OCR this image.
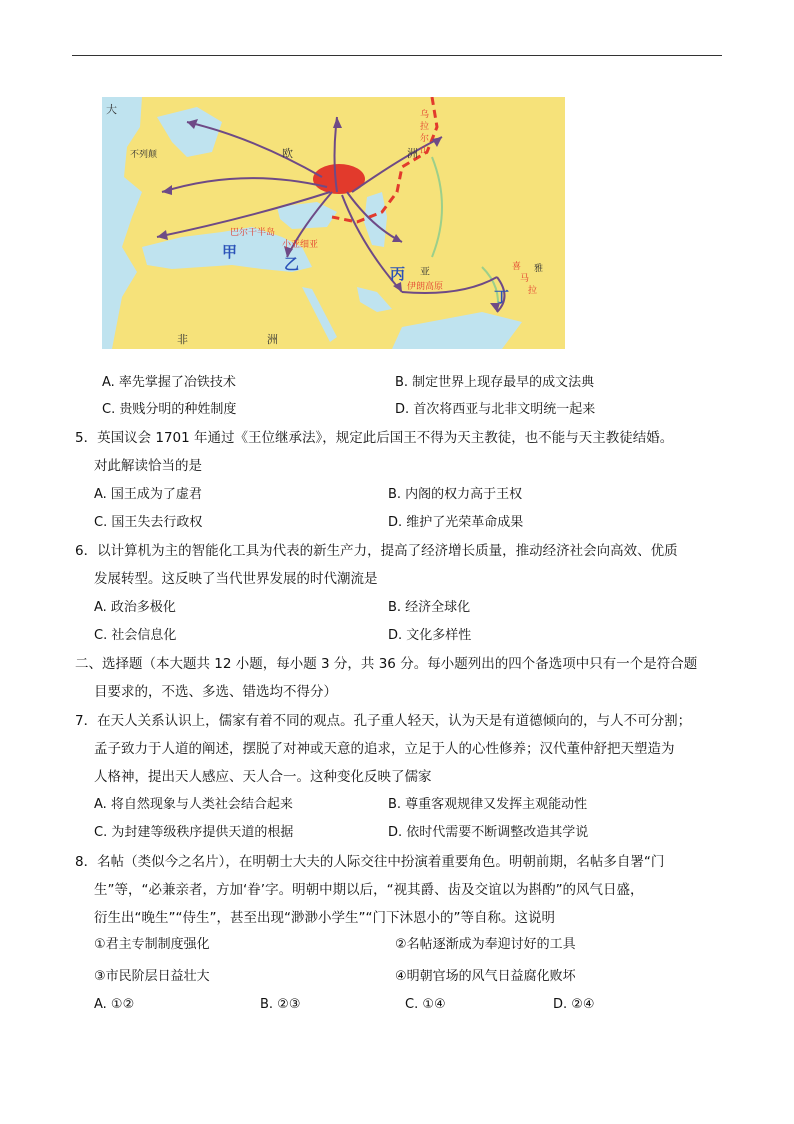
大
不列颠	欧	洲
巴尔干半岛
小亚细亚
伊朗高原
亚
非	洲
喜
马
拉
雅
乌
拉
尔
山
甲
乙
丙
丁
A. 率先掌握了冶铁技术	B. 制定世界上现存最早的成文法典
C. 贵贱分明的种姓制度	D. 首次将西亚与北非文明统一起来
5．英国议会 1701 年通过《王位继承法》，规定此后国王不得为天主教徒，也不能与天主教徒结婚。
对此解读恰当的是
A. 国王成为了虚君	B. 内阁的权力高于王权
C. 国王失去行政权	D. 维护了光荣革命成果
6．以计算机为主的智能化工具为代表的新生产力，提高了经济增长质量，推动经济社会向高效、优质
发展转型。这反映了当代世界发展的时代潮流是
A. 政治多极化	B. 经济全球化
C. 社会信息化	D. 文化多样性
二、选择题（本大题共 12 小题，每小题 3 分，共 36 分。每小题列出的四个备选项中只有一个是符合题
目要求的，不选、多选、错选均不得分）
7．在天人关系认识上，儒家有着不同的观点。孔子重人轻天，认为天是有道德倾向的，与人不可分割；
孟子致力于人道的阐述，摆脱了对神或天意的追求，立足于人的心性修养；汉代董仲舒把天塑造为
人格神，提出天人感应、天人合一。这种变化反映了儒家
A. 将自然现象与人类社会结合起来	B. 尊重客观规律又发挥主观能动性
C. 为封建等级秩序提供天道的根据	D. 依时代需要不断调整改造其学说
8．名帖（类似今之名片），在明朝士大夫的人际交往中扮演着重要角色。明朝前期，名帖多自署“门
生”等，“必兼亲者，方加‘眷’字。明朝中期以后，“视其爵、齿及交谊以为斟酌”的风气日盛，
衍生出“晚生”“侍生”，甚至出现“渺渺小学生”“门下沐恩小的”等自称。这说明
①君主专制制度强化	②名帖逐渐成为奉迎讨好的工具
③市民阶层日益壮大	④明朝官场的风气日益腐化败坏
A. ①②	B. ②③	C. ①④	D. ②④
